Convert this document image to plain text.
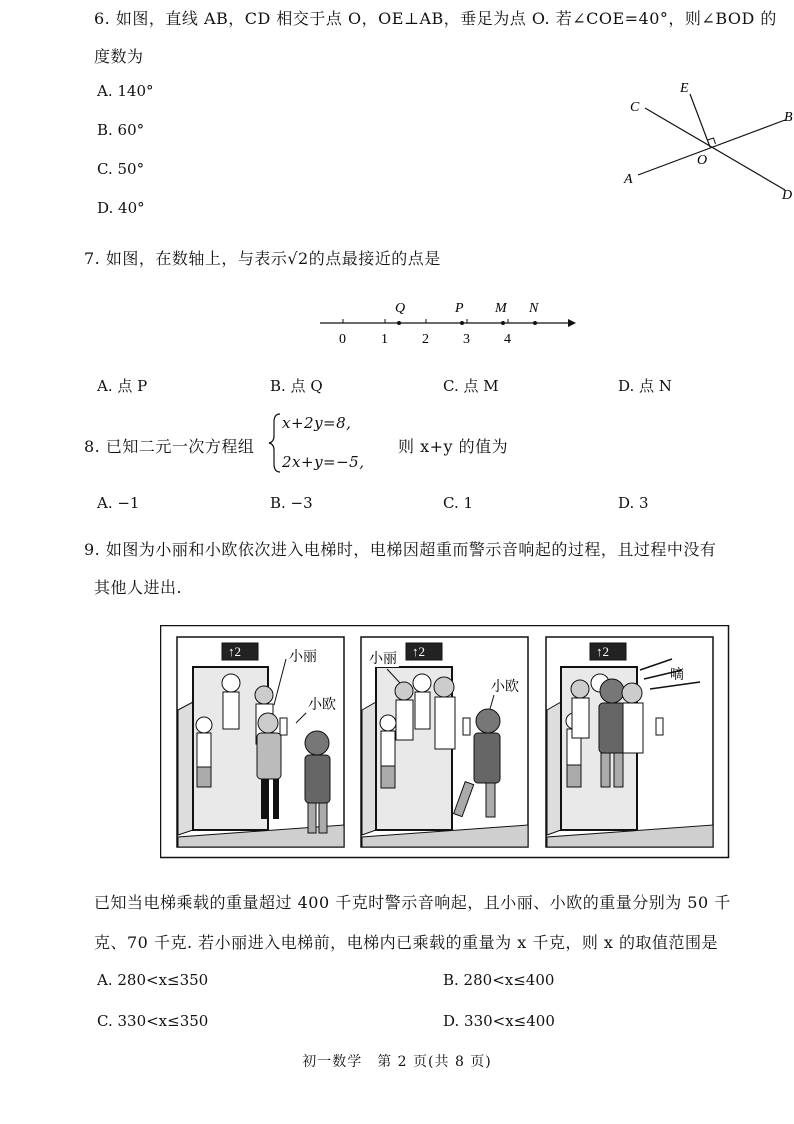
6. 如图，直线 AB，CD 相交于点 O，OE⊥AB，垂足为点 O. 若∠COE=40°，则∠BOD 的
度数为
A. 140°
B. 60°
C. 50°
D. 40°
A
B
C
D
E
O
7. 如图，在数轴上，与表示√2的点最接近的点是
0	1 2 3 4
Q	P M N
A. 点 P	B. 点 Q	C. 点 M	D. 点 N
8. 已知二元一次方程组
x+2y=8,
2x+y=−5,
则 x+y 的值为
A. −1	B. −3	C. 1	D. 3
9. 如图为小丽和小欧依次进入电梯时，电梯因超重而警示音响起的过程，且过程中没有
其他人进出.
↑2	小丽
小欧
↑2
小丽
小欧
↑2
嘀
已知当电梯乘载的重量超过 400 千克时警示音响起，且小丽、小欧的重量分别为 50 千
克、70 千克. 若小丽进入电梯前，电梯内已乘载的重量为 x 千克，则 x 的取值范围是
A. 280<x≤350	B. 280<x≤400
C. 330<x≤350	D. 330<x≤400
初一数学　第 2 页(共 8 页)
